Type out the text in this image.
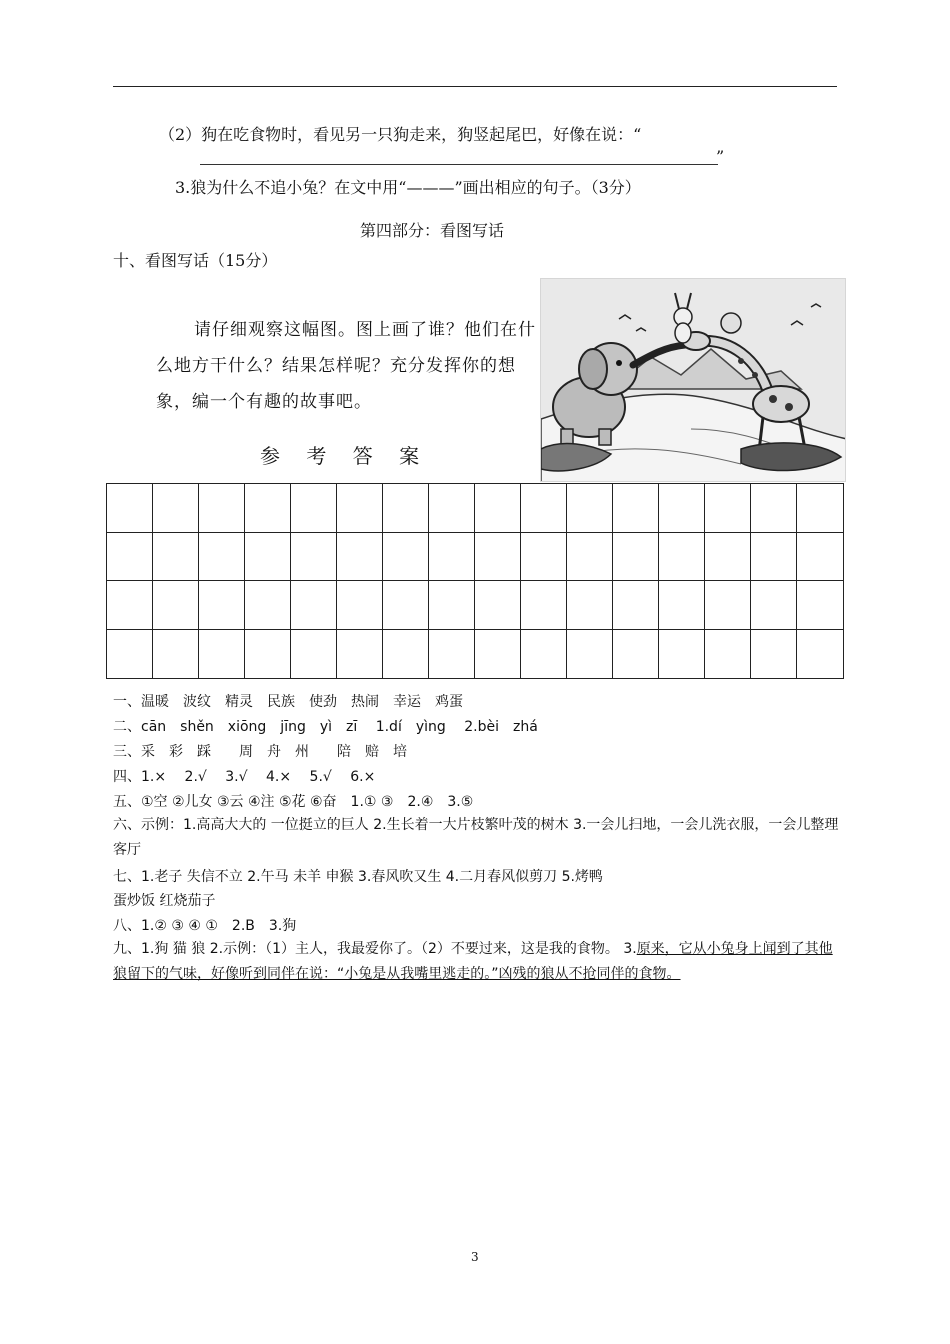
（2）狗在吃食物时，看见另一只狗走来，狗竖起尾巴，好像在说：“
”
3.狼为什么不追小兔？在文中用“———”画出相应的句子。（3分）
第四部分：看图写话
十、看图写话（15分）
请仔细观察这幅图。图上画了谁？他们在什么地方干什么？结果怎样呢？充分发挥你的想象，编一个有趣的故事吧。
参 考 答 案
一、温暖　波纹　精灵　民族　使劲　热闹　幸运　鸡蛋
二、cān　shěn　xiōng　jīng　yì　zī　 1.dí　yìng　 2.bèi　zhá
三、采　彩　踩　　周　舟　州　　陪　赔　培
四、1.×　 2.√　 3.√　 4.×　 5.√　 6.×
五、①空 ②儿女 ③云 ④注 ⑤花 ⑥奋　1.① ③　2.④　3.⑤
六、示例：1.高高大大的 一位挺立的巨人 2.生长着一大片枝繁叶茂的树木 3.一会儿扫地，一会儿洗衣服，一会儿整理客厅
七、1.老子 失信不立 2.午马 未羊 申猴 3.春风吹又生 4.二月春风似剪刀 5.烤鸭
蛋炒饭 红烧茄子
八、1.② ③ ④ ①　2.B　3.狗
九、1.狗 猫 狼 2.示例：（1）主人，我最爱你了。（2）不要过来，这是我的食物。 3.原来，它从小兔身上闻到了其他狼留下的气味，好像听到同伴在说：“小兔是从我嘴里逃走的。”凶残的狼从不抢同伴的食物。
3
